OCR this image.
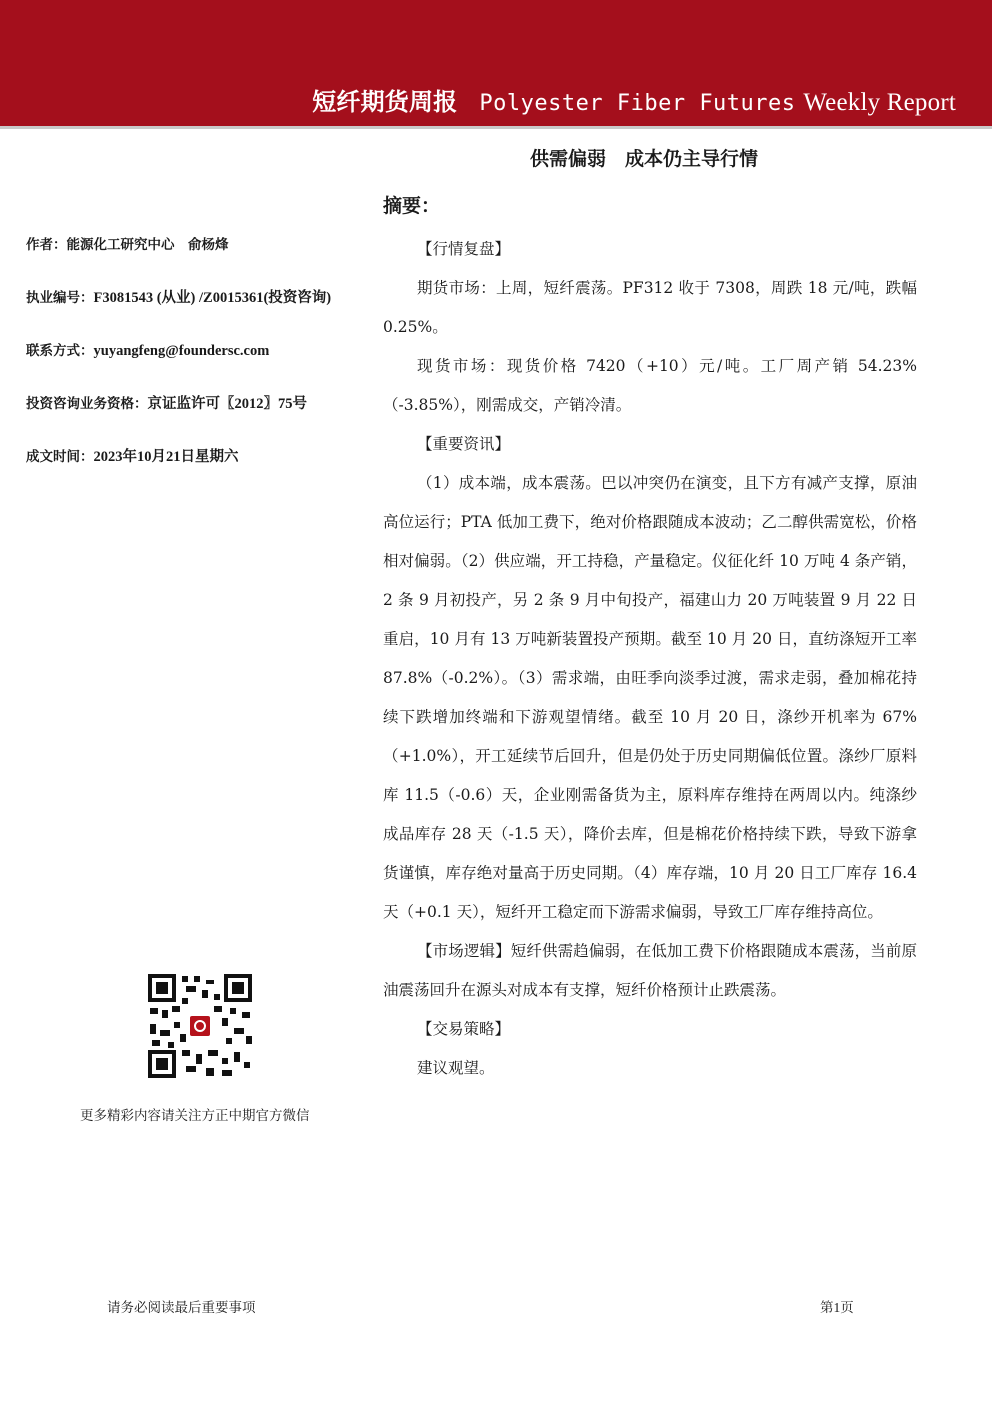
短纤期货周报 Polyester Fiber Futures Weekly Report
供需偏弱　成本仍主导行情
摘要：
作者：能源化工研究中心　俞杨烽
执业编号：F3081543 (从业) /Z0015361(投资咨询)
联系方式：yuyangfeng@foundersc.com
投资咨询业务资格：京证监许可〖2012〗75号
成文时间：2023年10月21日星期六

【行情复盘】

期货市场：上周，短纤震荡。PF312 收于 7308，周跌 18 元/吨，跌幅 0.25%。

现货市场：现货价格 7420（+10）元/吨。工厂周产销 54.23%（-3.85%），刚需成交，产销冷清。

【重要资讯】

（1）成本端，成本震荡。巴以冲突仍在演变，且下方有减产支撑，原油高位运行；PTA 低加工费下，绝对价格跟随成本波动；乙二醇供需宽松，价格相对偏弱。（2）供应端，开工持稳，产量稳定。仪征化纤 10 万吨 4 条产销，2 条 9 月初投产，另 2 条 9 月中旬投产，福建山力 20 万吨装置 9 月 22 日重启，10 月有 13 万吨新装置投产预期。截至 10 月 20 日，直纺涤短开工率 87.8%（-0.2%）。（3）需求端，由旺季向淡季过渡，需求走弱，叠加棉花持续下跌增加终端和下游观望情绪。截至 10 月 20 日，涤纱开机率为 67%（+1.0%），开工延续节后回升，但是仍处于历史同期偏低位置。涤纱厂原料库 11.5（-0.6）天，企业刚需备货为主，原料库存维持在两周以内。纯涤纱成品库存 28 天（-1.5 天），降价去库，但是棉花价格持续下跌，导致下游拿货谨慎，库存绝对量高于历史同期。（4）库存端，10 月 20 日工厂库存 16.4 天（+0.1 天），短纤开工稳定而下游需求偏弱，导致工厂库存维持高位。

【市场逻辑】短纤供需趋偏弱，在低加工费下价格跟随成本震荡，当前原油震荡回升在源头对成本有支撑，短纤价格预计止跌震荡。

【交易策略】

建议观望。

更多精彩内容请关注方正中期官方微信
请务必阅读最后重要事项	第1页
